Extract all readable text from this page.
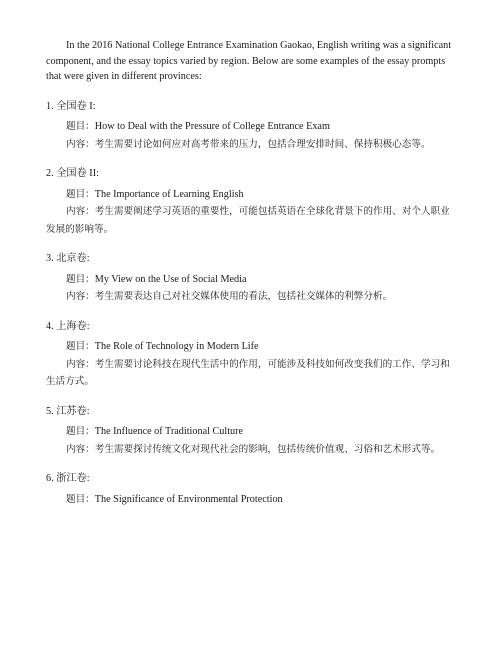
In the 2016 National College Entrance Examination Gaokao, English writing was a significant component, and the essay topics varied by region. Below are some examples of the essay prompts that were given in different provinces:

1. 全国卷 I:

题目：How to Deal with the Pressure of College Entrance Exam

内容：考生需要讨论如何应对高考带来的压力，包括合理安排时间、保持积极心态等。

2. 全国卷 II:

题目：The Importance of Learning English

内容：考生需要阐述学习英语的重要性，可能包括英语在全球化背景下的作用、对个人职业发展的影响等。

3. 北京卷:

题目：My View on the Use of Social Media

内容：考生需要表达自己对社交媒体使用的看法，包括社交媒体的利弊分析。

4. 上海卷:

题目：The Role of Technology in Modern Life

内容：考生需要讨论科技在现代生活中的作用，可能涉及科技如何改变我们的工作、学习和生活方式。

5. 江苏卷:

题目：The Influence of Traditional Culture

内容：考生需要探讨传统文化对现代社会的影响，包括传统价值观、习俗和艺术形式等。

6. 浙江卷:

题目：The Significance of Environmental Protection
